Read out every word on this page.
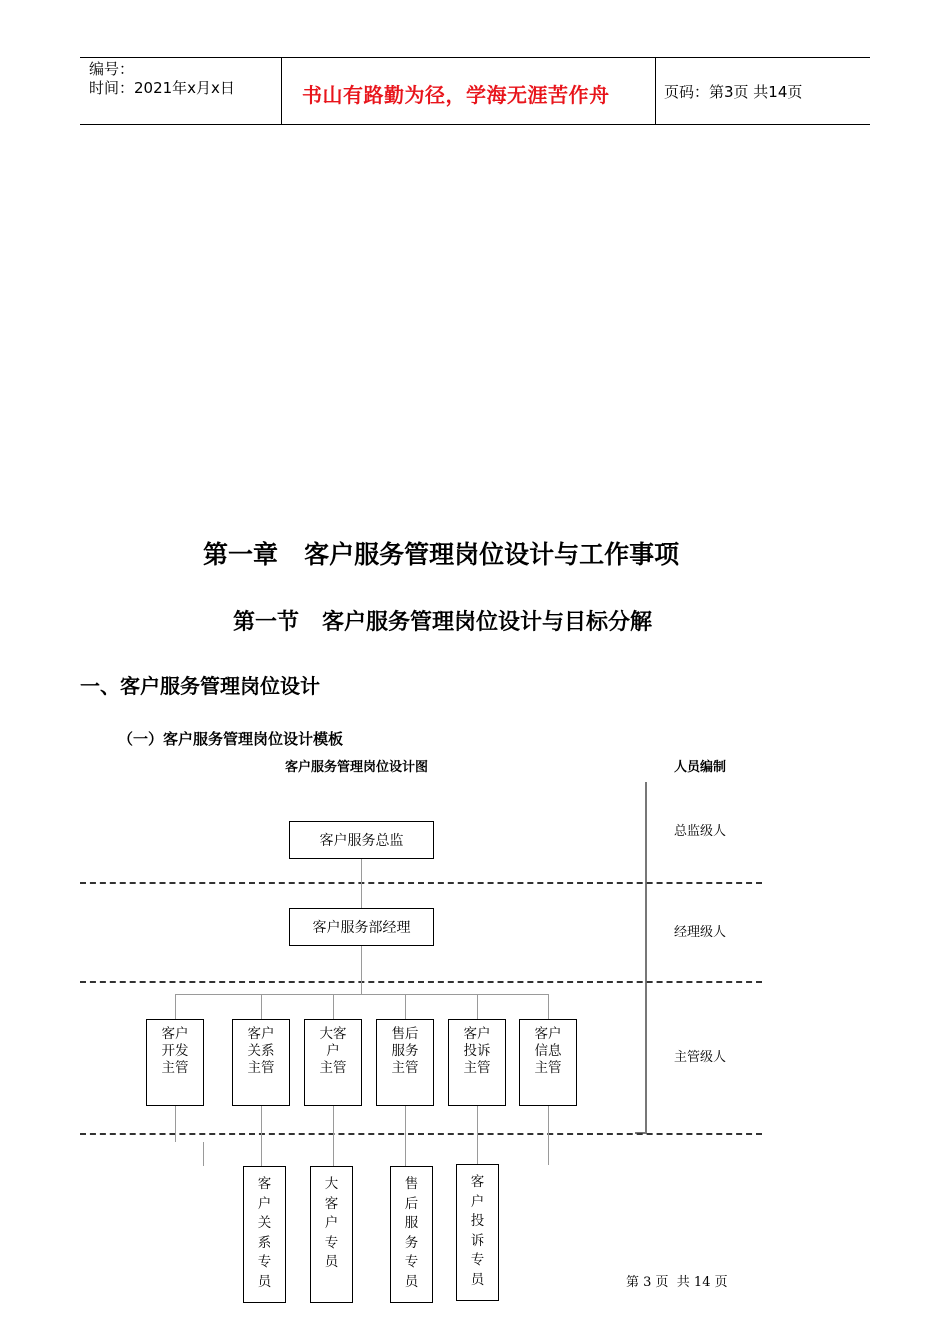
编号：
时间：2021年x月x日	书山有路勤为径，学海无涯苦作舟	页码：第3页 共14页
第一章   客户服务管理岗位设计与工作事项
第一节   客户服务管理岗位设计与目标分解
一、客户服务管理岗位设计
（一）客户服务管理岗位设计模板
客户服务管理岗位设计图	人员编制
总监级人
经理级人
主管级人
客户服务总监
客户服务部经理
客户
开发
主管
客户
关系
主管
大客
户
主管
售后
服务
主管
客户
投诉
主管
客户
信息
主管
客
户
关
系
专
员
大
客
户
专
员
售
后
服
务
专
员
客
户
投
诉
专
员	第 3 页  共 14 页
